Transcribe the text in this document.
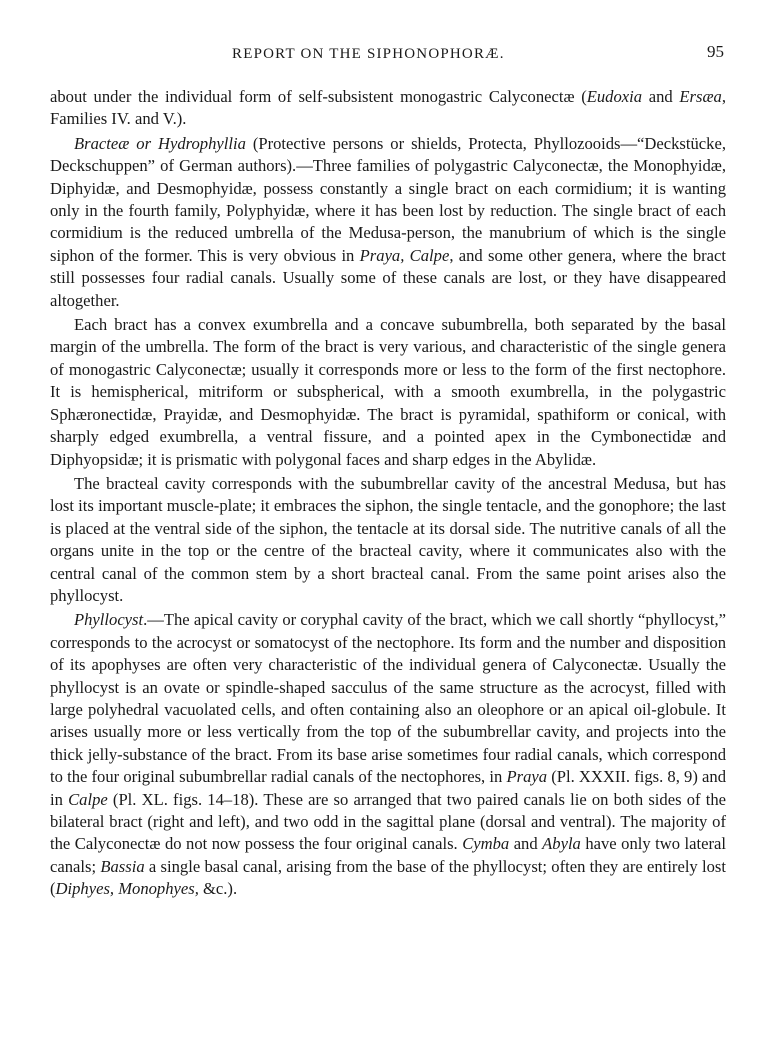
REPORT ON THE SIPHONOPHORÆ.	95

about under the individual form of self-subsistent monogastric Calyconectæ (Eudoxia and Ersæa, Families IV. and V.).

Bracteæ or Hydrophyllia (Protective persons or shields, Protecta, Phyllozooids—“Deckstücke, Deckschuppen” of German authors).—Three families of polygastric Calyconectæ, the Monophyidæ, Diphyidæ, and Desmophyidæ, possess constantly a single bract on each cormidium; it is wanting only in the fourth family, Polyphyidæ, where it has been lost by reduction. The single bract of each cormidium is the reduced umbrella of the Medusa-person, the manubrium of which is the single siphon of the former. This is very obvious in Praya, Calpe, and some other genera, where the bract still possesses four radial canals. Usually some of these canals are lost, or they have disappeared altogether.

Each bract has a convex exumbrella and a concave subumbrella, both separated by the basal margin of the umbrella. The form of the bract is very various, and characteristic of the single genera of monogastric Calyconectæ; usually it corresponds more or less to the form of the first nectophore. It is hemispherical, mitriform or subspherical, with a smooth exumbrella, in the polygastric Sphæronectidæ, Prayidæ, and Desmophyidæ. The bract is pyramidal, spathiform or conical, with sharply edged exumbrella, a ventral fissure, and a pointed apex in the Cymbonectidæ and Diphyopsidæ; it is prismatic with polygonal faces and sharp edges in the Abylidæ.

The bracteal cavity corresponds with the subumbrellar cavity of the ancestral Medusa, but has lost its important muscle-plate; it embraces the siphon, the single tentacle, and the gonophore; the last is placed at the ventral side of the siphon, the tentacle at its dorsal side. The nutritive canals of all the organs unite in the top or the centre of the bracteal cavity, where it communicates also with the central canal of the common stem by a short bracteal canal. From the same point arises also the phyllocyst.

Phyllocyst.—The apical cavity or coryphal cavity of the bract, which we call shortly “phyllocyst,” corresponds to the acrocyst or somatocyst of the nectophore. Its form and the number and disposition of its apophyses are often very characteristic of the individual genera of Calyconectæ. Usually the phyllocyst is an ovate or spindle-shaped sacculus of the same structure as the acrocyst, filled with large polyhedral vacuolated cells, and often containing also an oleophore or an apical oil-globule. It arises usually more or less vertically from the top of the subumbrellar cavity, and projects into the thick jelly-substance of the bract. From its base arise sometimes four radial canals, which correspond to the four original subumbrellar radial canals of the nectophores, in Praya (Pl. XXXII. figs. 8, 9) and in Calpe (Pl. XL. figs. 14–18). These are so arranged that two paired canals lie on both sides of the bilateral bract (right and left), and two odd in the sagittal plane (dorsal and ventral). The majority of the Calyconectæ do not now possess the four original canals. Cymba and Abyla have only two lateral canals; Bassia a single basal canal, arising from the base of the phyllocyst; often they are entirely lost (Diphyes, Monophyes, &c.).
